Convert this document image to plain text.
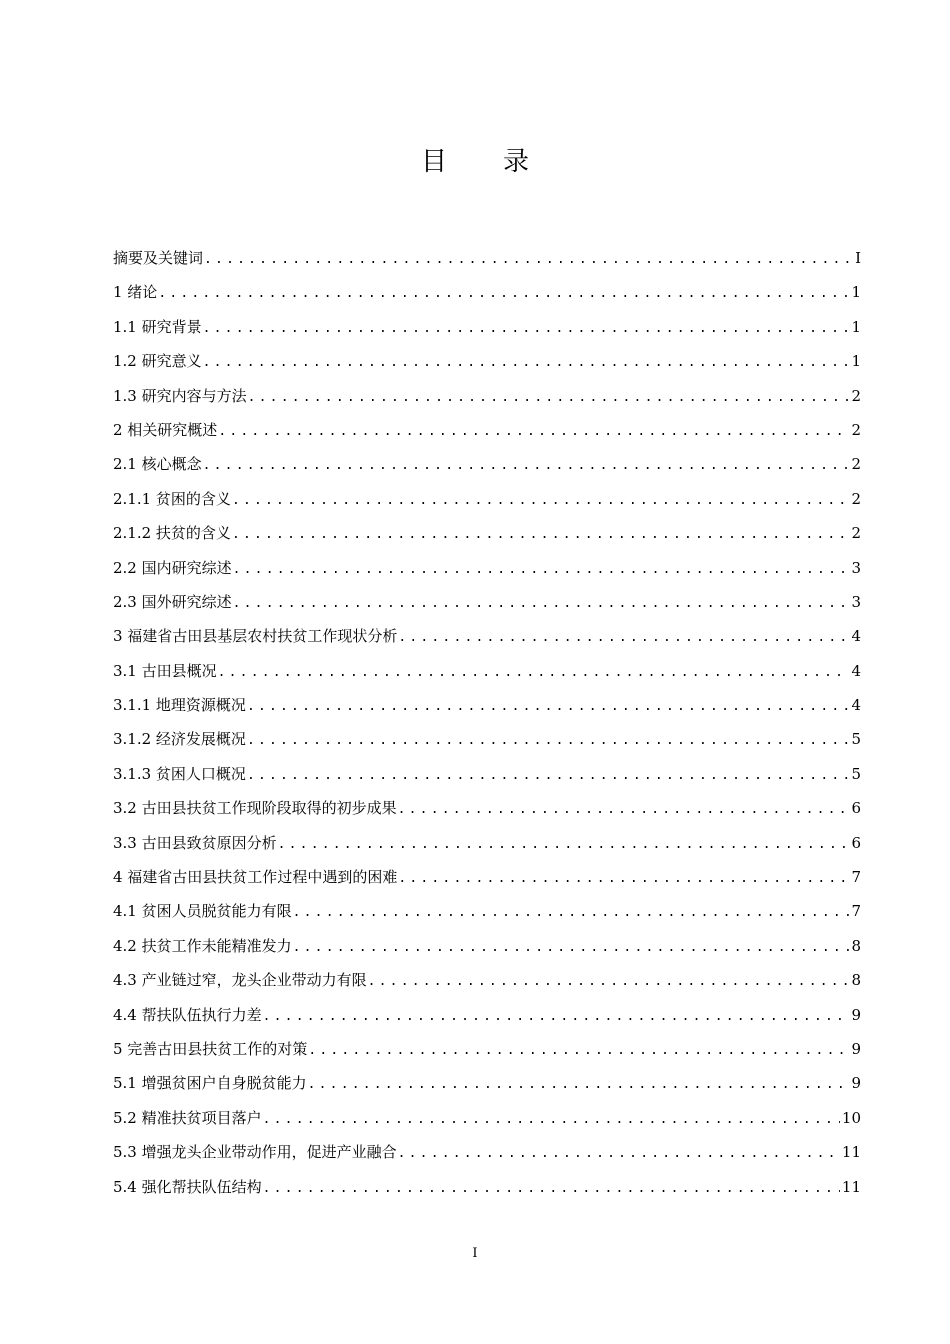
目 录
摘要及关键词 .....	I
1 绪论 .....	1
1.1 研究背景 .....	1
1.2 研究意义 .....	1
1.3 研究内容与方法 .....	2
2 相关研究概述 .....	2
2.1 核心概念 .....	2
2.1.1 贫困的含义 .....	2
2.1.2 扶贫的含义 .....	2
2.2 国内研究综述 .....	3
2.3 国外研究综述 .....	3
3 福建省古田县基层农村扶贫工作现状分析 .....	4
3.1 古田县概况 .....	4
3.1.1 地理资源概况 .....	4
3.1.2 经济发展概况 .....	5
3.1.3 贫困人口概况 .....	5
3.2 古田县扶贫工作现阶段取得的初步成果 .....	6
3.3 古田县致贫原因分析 .....	6
4 福建省古田县扶贫工作过程中遇到的困难 .....	7
4.1 贫困人员脱贫能力有限 .....	7
4.2 扶贫工作未能精准发力 .....	8
4.3 产业链过窄，龙头企业带动力有限 .....	8
4.4 帮扶队伍执行力差 .....	9
5 完善古田县扶贫工作的对策 .....	9
5.1 增强贫困户自身脱贫能力 .....	9
5.2 精准扶贫项目落户 .....	10
5.3 增强龙头企业带动作用，促进产业融合 .....	11
5.4 强化帮扶队伍结构 .....	11
I
